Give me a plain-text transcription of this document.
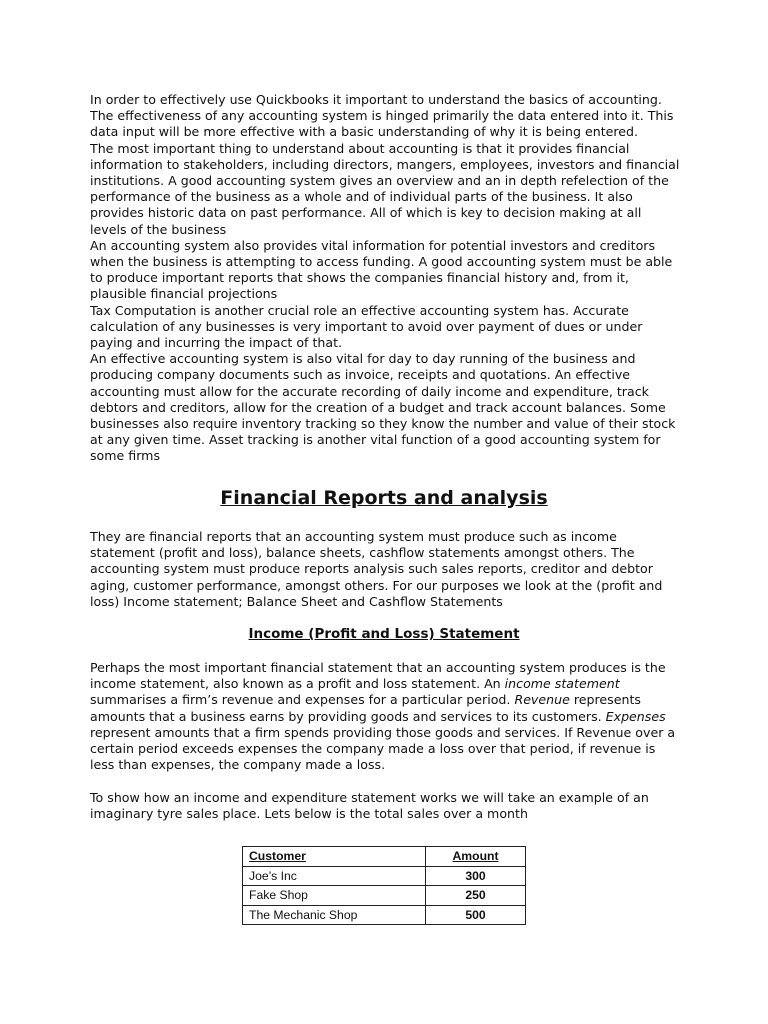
In order to effectively use Quickbooks it important to understand the basics of accounting.

The effectiveness of any accounting system is hinged primarily the data entered into it. This

data input will be more effective with a basic understanding of why it is being entered.

The most important thing to understand about accounting is that it provides financial

information to stakeholders, including directors, mangers, employees, investors and financial

institutions. A good accounting system gives an overview and an in depth refelection of the

performance of the business as a whole and of individual parts of the business. It also

provides historic data on past performance. All of which is key to decision making at all

levels of the business

An accounting system also provides vital information for potential investors and creditors

when the business is attempting to access funding. A good accounting system must be able

to produce important reports that shows the companies financial history and, from it,

plausible financial projections

Tax Computation is another crucial role an effective accounting system has. Accurate

calculation of any businesses is very important to avoid over payment of dues or under

paying and incurring the impact of that.

An effective accounting system is also vital for day to day running of the business and

producing company documents such as invoice, receipts and quotations. An effective

accounting must allow for the accurate recording of daily income and expenditure, track

debtors and creditors, allow for the creation of a budget and track account balances. Some

businesses also require inventory tracking so they know the number and value of their stock

at any given time. Asset tracking is another vital function of a good accounting system for

some firms

Financial Reports and analysis

They are financial reports that an accounting system must produce such as income

statement (profit and loss), balance sheets, cashflow statements amongst others. The

accounting system must produce reports analysis such sales reports, creditor and debtor

aging, customer performance, amongst others. For our purposes we look at the (profit and

loss) Income statement; Balance Sheet and Cashflow Statements

Income (Profit and Loss) Statement

Perhaps the most important financial statement that an accounting system produces is the

income statement, also known as a profit and loss statement. An income statement

summarises a firm’s revenue and expenses for a particular period. Revenue represents

amounts that a business earns by providing goods and services to its customers. Expenses

represent amounts that a firm spends providing those goods and services. If Revenue over a

certain period exceeds expenses the company made a loss over that period, if revenue is

less than expenses, the company made a loss.

To show how an income and expenditure statement works we will take an example of an

imaginary tyre sales place. Lets below is the total sales over a month

Customer	Amount
Joe’s Inc	300
Fake Shop	250
The Mechanic Shop	500
